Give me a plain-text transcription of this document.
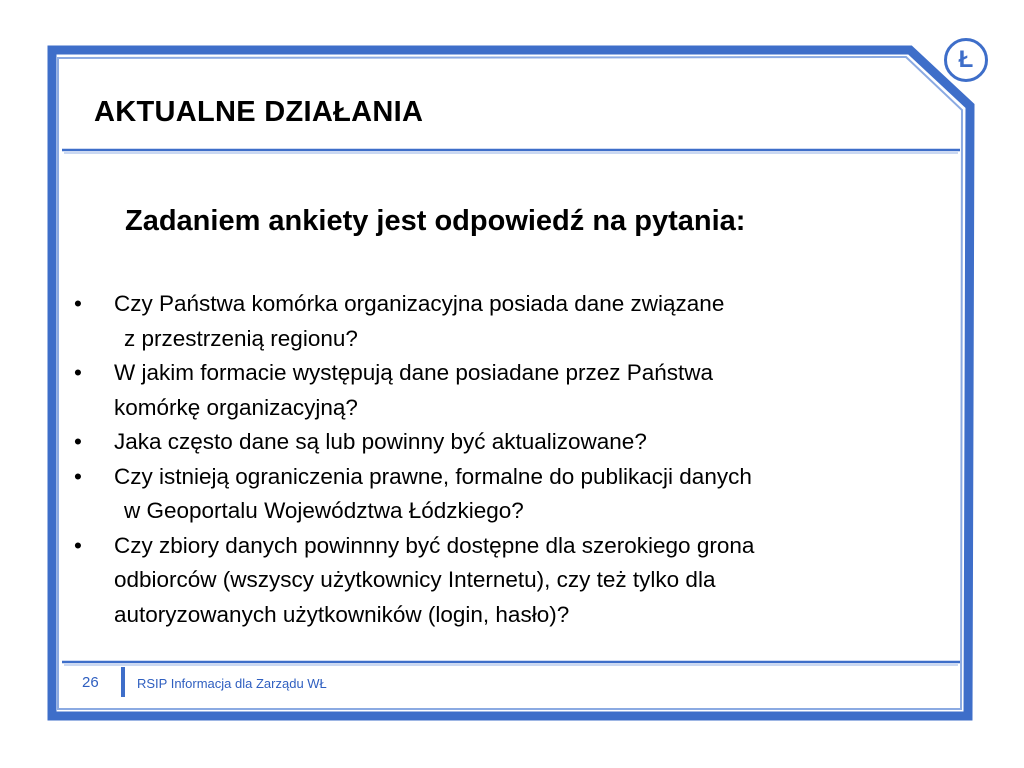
Ł
AKTUALNE DZIAŁANIA
Zadaniem ankiety jest odpowiedź na pytania:
• Czy Państwa komórka organizacyjna posiada dane związane
z przestrzenią regionu?
• W jakim formacie występują dane posiadane przez Państwa
komórkę organizacyjną?
• Jaka często dane są lub powinny być aktualizowane?
• Czy istnieją ograniczenia prawne, formalne do publikacji danych
w Geoportalu Województwa Łódzkiego?
• Czy zbiory danych powinnny być dostępne dla szerokiego grona
odbiorców (wszyscy użytkownicy Internetu), czy też tylko dla
autoryzowanych użytkowników (login, hasło)?
26	RSIP Informacja dla Zarządu WŁ
